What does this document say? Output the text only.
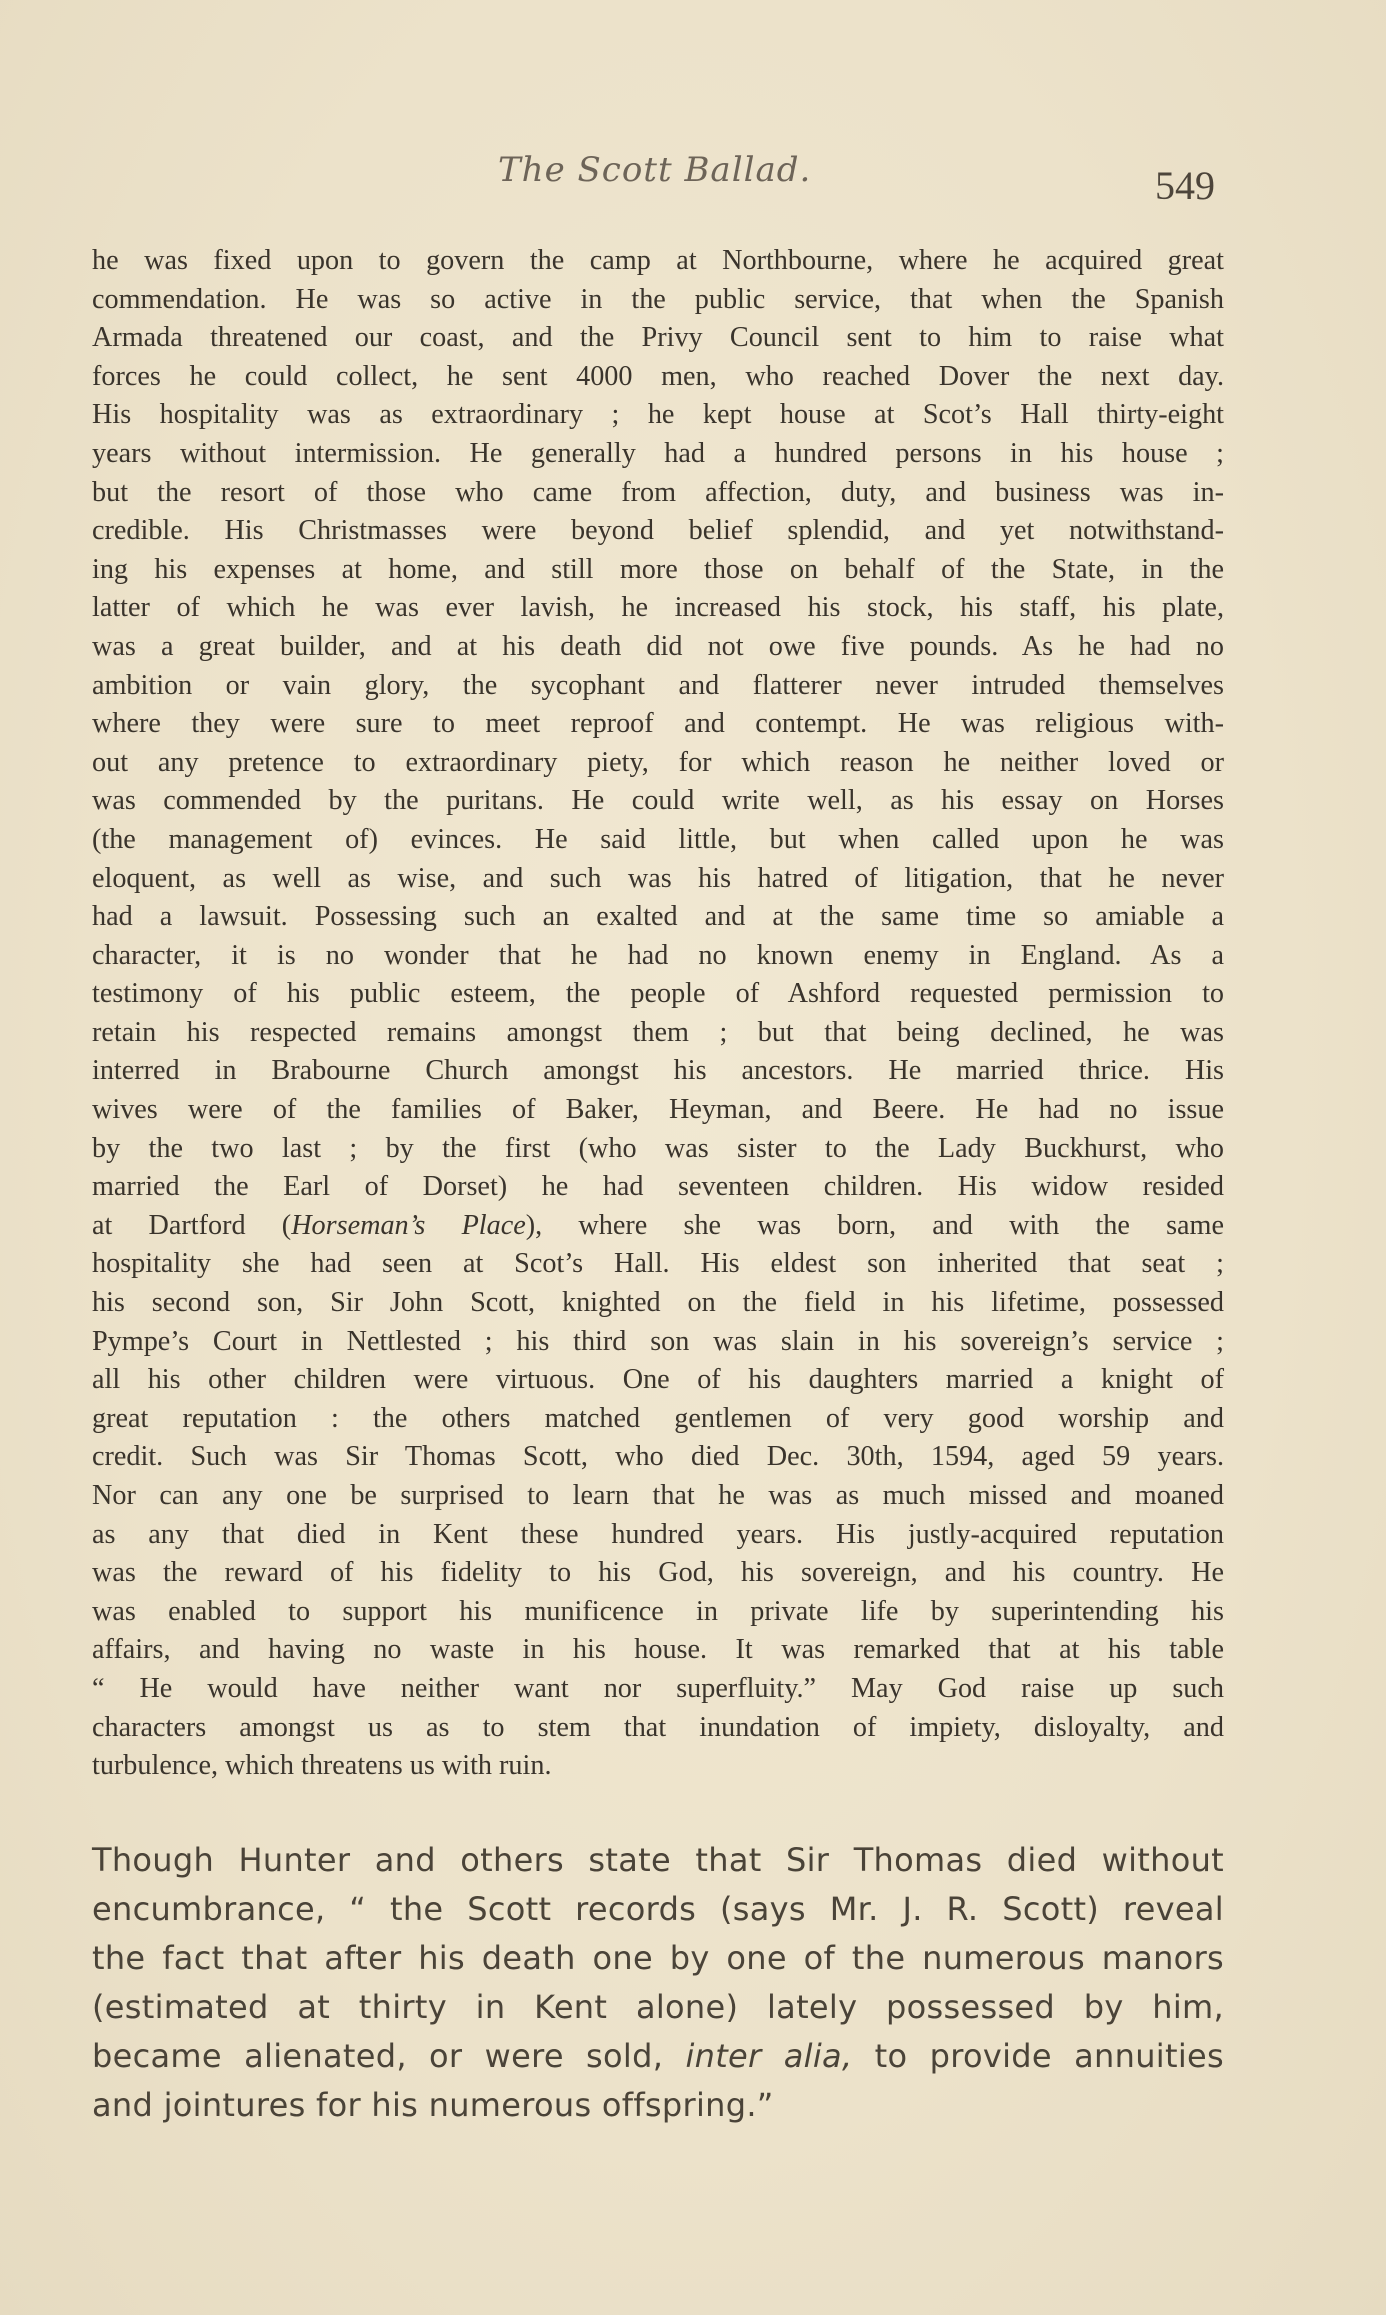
The Scott Ballad.	549
he was fixed upon to govern the camp at Northbourne, where he acquired great
commendation. He was so active in the public service, that when the Spanish
Armada threatened our coast, and the Privy Council sent to him to raise what
forces he could collect, he sent 4000 men, who reached Dover the next day.
His hospitality was as extraordinary ; he kept house at Scot’s Hall thirty-eight
years without intermission. He generally had a hundred persons in his house ;
but the resort of those who came from affection, duty, and business was in-
credible. His Christmasses were beyond belief splendid, and yet notwithstand-
ing his expenses at home, and still more those on behalf of the State, in the
latter of which he was ever lavish, he increased his stock, his staff, his plate,
was a great builder, and at his death did not owe five pounds. As he had no
ambition or vain glory, the sycophant and flatterer never intruded themselves
where they were sure to meet reproof and contempt. He was religious with-
out any pretence to extraordinary piety, for which reason he neither loved or
was commended by the puritans. He could write well, as his essay on Horses
(the management of) evinces. He said little, but when called upon he was
eloquent, as well as wise, and such was his hatred of litigation, that he never
had a lawsuit. Possessing such an exalted and at the same time so amiable a
character, it is no wonder that he had no known enemy in England. As a
testimony of his public esteem, the people of Ashford requested permission to
retain his respected remains amongst them ; but that being declined, he was
interred in Brabourne Church amongst his ancestors. He married thrice. His
wives were of the families of Baker, Heyman, and Beere. He had no issue
by the two last ; by the first (who was sister to the Lady Buckhurst, who
married the Earl of Dorset) he had seventeen children. His widow resided
at Dartford (Horseman’s Place), where she was born, and with the same
hospitality she had seen at Scot’s Hall. His eldest son inherited that seat ;
his second son, Sir John Scott, knighted on the field in his lifetime, possessed
Pympe’s Court in Nettlested ; his third son was slain in his sovereign’s service ;
all his other children were virtuous. One of his daughters married a knight of
great reputation : the others matched gentlemen of very good worship and
credit. Such was Sir Thomas Scott, who died Dec. 30th, 1594, aged 59 years.
Nor can any one be surprised to learn that he was as much missed and moaned
as any that died in Kent these hundred years. His justly-acquired reputation
was the reward of his fidelity to his God, his sovereign, and his country. He
was enabled to support his munificence in private life by superintending his
affairs, and having no waste in his house. It was remarked that at his table
“ He would have neither want nor superfluity.” May God raise up such
characters amongst us as to stem that inundation of impiety, disloyalty, and
turbulence, which threatens us with ruin.
Though Hunter and others state that Sir Thomas died without
encumbrance, “ the Scott records (says Mr. J. R. Scott) reveal
the fact that after his death one by one of the numerous manors
(estimated at thirty in Kent alone) lately possessed by him,
became alienated, or were sold, inter alia, to provide annuities
and jointures for his numerous offspring.”
